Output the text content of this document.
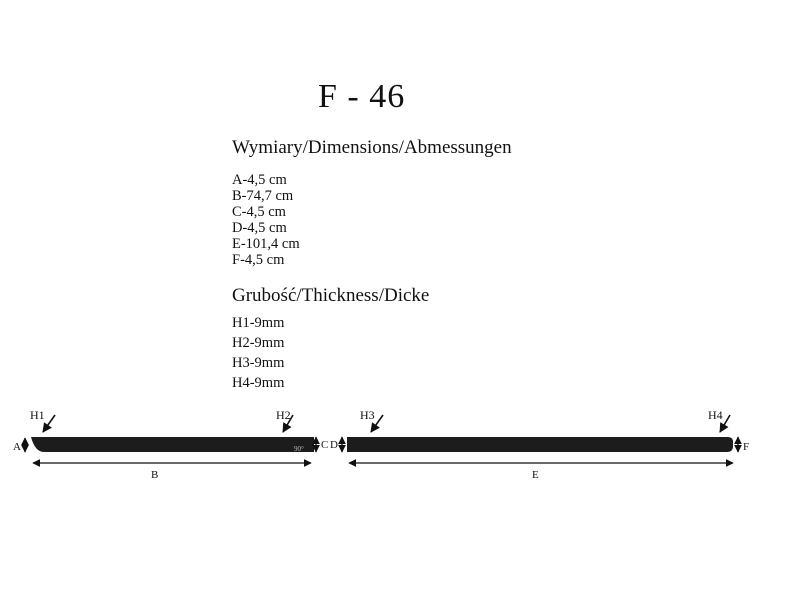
F - 46
Wymiary/Dimensions/Abmessungen
A-4,5 cm
B-74,7 cm
C-4,5 cm
D-4,5 cm
E-101,4 cm
F-4,5 cm
Grubość/Thickness/Dicke
H1-9mm
H2-9mm
H3-9mm
H4-9mm
H1	H2	H3	H4
A	C D	F
90°
B	E
